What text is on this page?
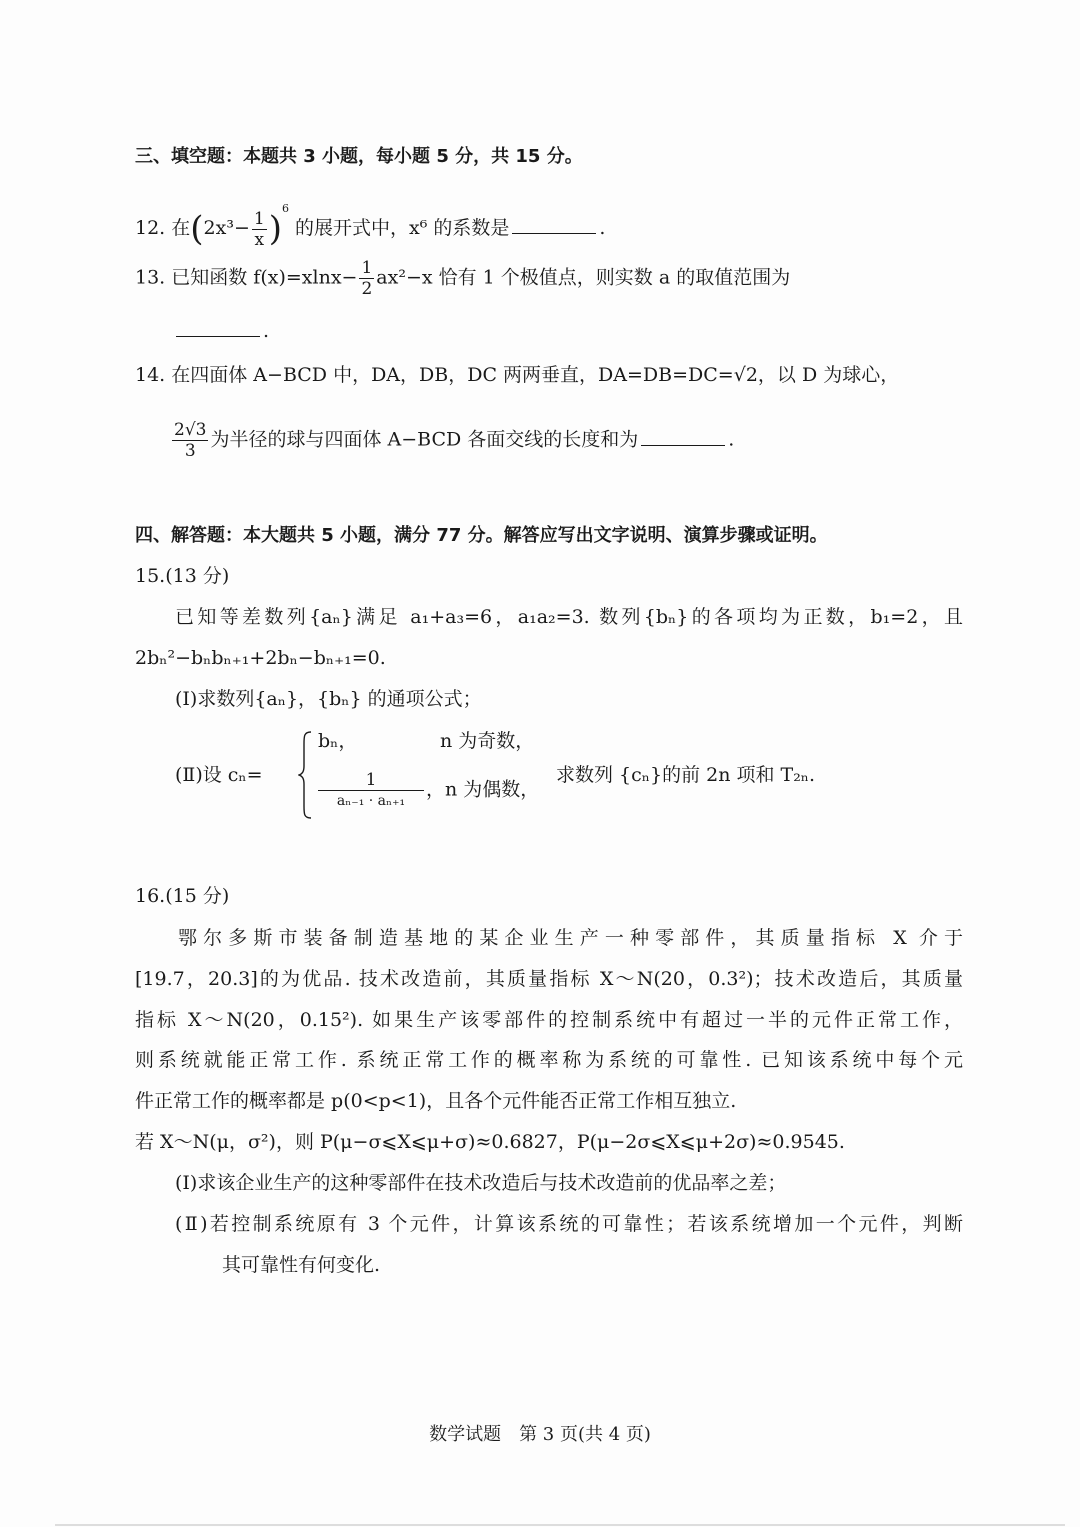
三、填空题：本题共 3 小题，每小题 5 分，共 15 分。
12. 在$(2x^3- \frac{1}{x} )^6$ 的展开式中，x⁶ 的系数是	.
13. 已知函数 $f(x)=xlnx- \frac{1}{2} ax^2-x$ 恰有 1 个极值点，则实数 a 的取值范围为
.
14. 在四面体 A−BCD 中，DA，DB，DC 两两垂直，DA=DB=DC=√2，以 D 为球心，
$\frac{2√3}{3}$ 为半径的球与四面体 A−BCD 各面交线的长度和为	.
四、解答题：本大题共 5 小题，满分 77 分。解答应写出文字说明、演算步骤或证明。
15.(13 分)
已知等差数列{aₙ}满足 a₁+a₃=6，a₁a₂=3. 数列{bₙ}的各项均为正数，b₁=2，且
2bₙ²−bₙbₙ₊₁+2bₙ−bₙ₊₁=0.
(Ⅰ)求数列{aₙ}，{bₙ} 的通项公式；
(Ⅱ)设 cₙ=
bₙ，	n 为奇数，
$\frac{1}{\text{aₙ₋₁ · aₙ₊₁}}$ ，n 为偶数，
求数列 {cₙ}的前 2n 项和 T₂ₙ.
16.(15 分)
鄂尔多斯市装备制造基地的某企业生产一种零部件，其质量指标 X 介于
[19.7，20.3]的为优品. 技术改造前，其质量指标 X～N(20，0.3²)；技术改造后，其质量
指标 X～N(20，0.15²). 如果生产该零部件的控制系统中有超过一半的元件正常工作，
则系统就能正常工作. 系统正常工作的概率称为系统的可靠性. 已知该系统中每个元
件正常工作的概率都是 p(0<p<1)，且各个元件能否正常工作相互独立.
若 X～N(μ，σ²)，则 P(μ−σ⩽X⩽μ+σ)≈0.6827，P(μ−2σ⩽X⩽μ+2σ)≈0.9545.
(Ⅰ)求该企业生产的这种零部件在技术改造后与技术改造前的优品率之差；
(Ⅱ)若控制系统原有 3 个元件，计算该系统的可靠性；若该系统增加一个元件，判断
其可靠性有何变化.
数学试题　第 3 页(共 4 页)
